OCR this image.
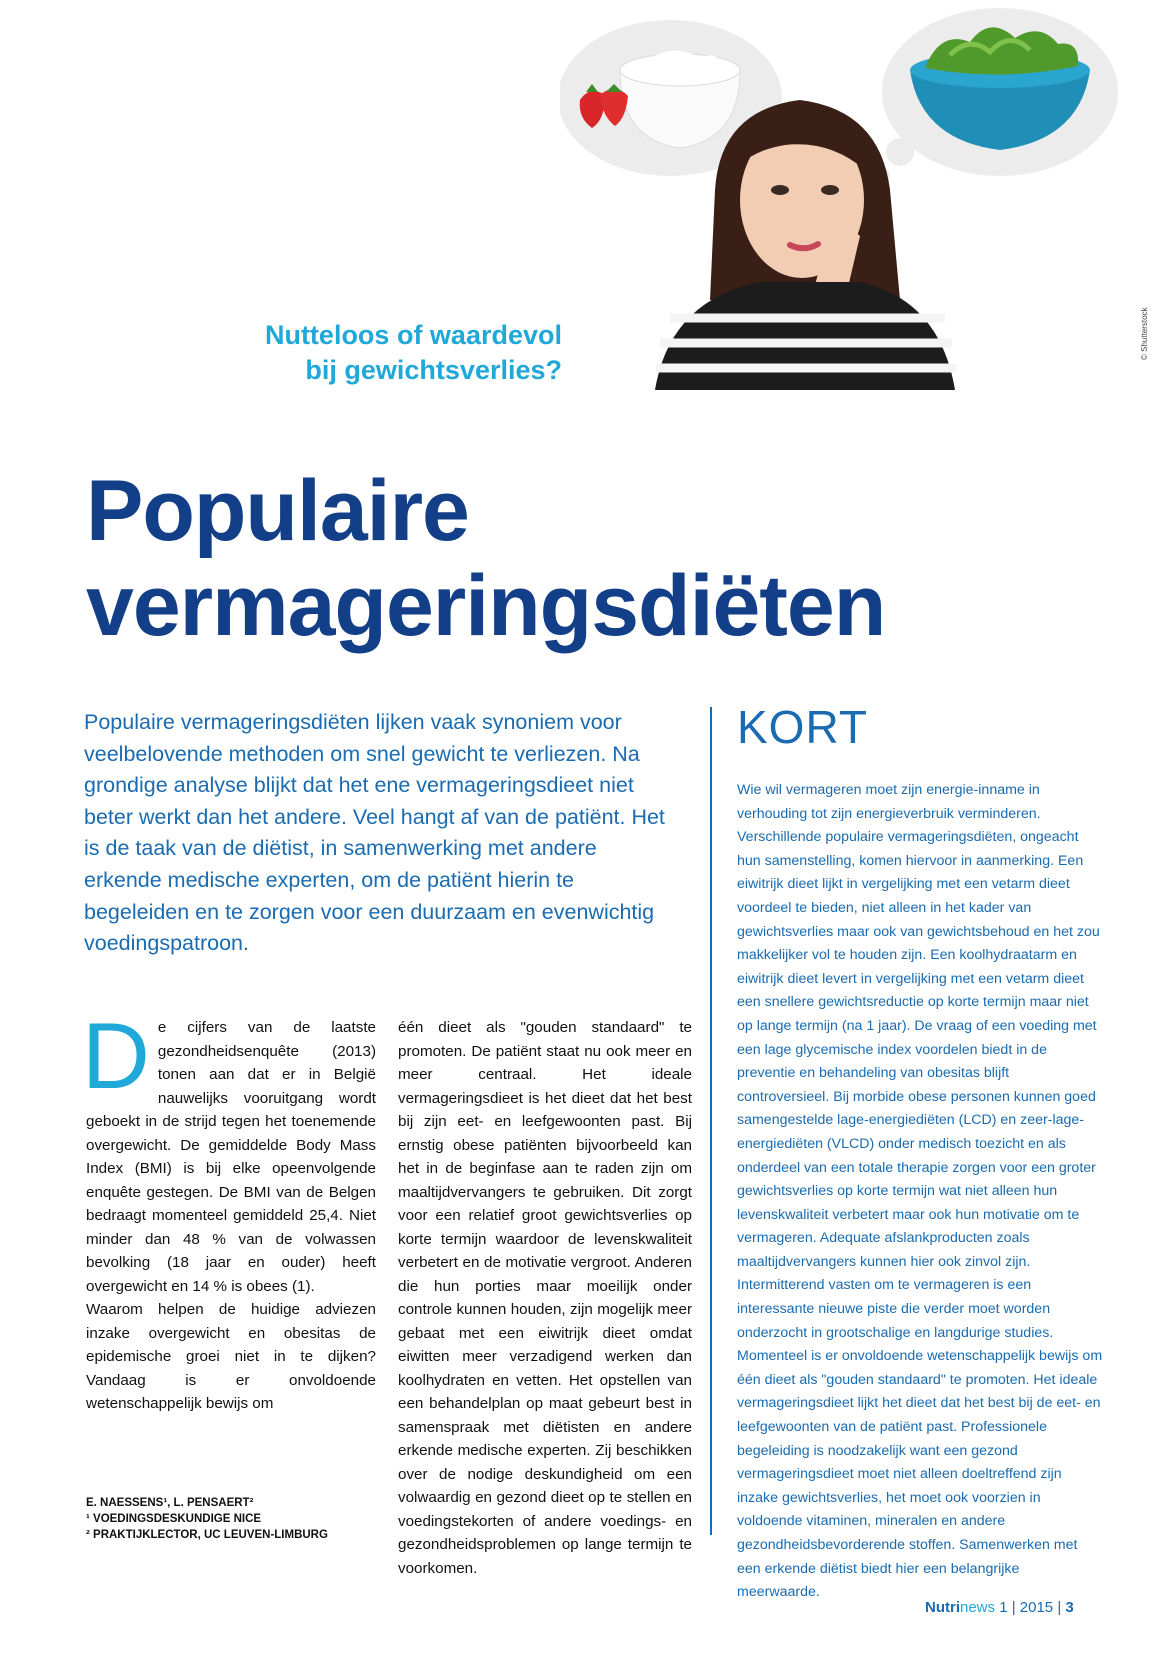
© Shutterstock
Nutteloos of waardevol
bij gewichtsverlies?
Populaire
vermageringsdiëten
Populaire vermageringsdiëten lijken vaak synoniem voor veelbelovende methoden om snel gewicht te verliezen. Na grondige analyse blijkt dat het ene vermageringsdieet niet beter werkt dan het andere. Veel hangt af van de patiënt. Het is de taak van de diëtist, in samenwerking met andere erkende medische experten, om de patiënt hierin te begeleiden en te zorgen voor een duurzaam en evenwichtig voedingspatroon.
D e cijfers van de laatste gezondheidsenquête (2013) tonen aan dat er in België nauwelijks vooruitgang wordt geboekt in de strijd tegen het toenemende overgewicht. De gemiddelde Body Mass Index (BMI) is bij elke opeenvolgende enquête gestegen. De BMI van de Belgen bedraagt momenteel gemiddeld 25,4. Niet minder dan 48 % van de volwassen bevolking (18 jaar en ouder) heeft overgewicht en 14 % is obees (1).

Waarom helpen de huidige adviezen inzake overgewicht en obesitas de epidemische groei niet in te dijken? Vandaag is er onvoldoende wetenschappelijk bewijs om

één dieet als "gouden standaard" te promoten. De patiënt staat nu ook meer en meer centraal. Het ideale vermageringsdieet is het dieet dat het best bij zijn eet- en leefgewoonten past. Bij ernstig obese patiënten bijvoorbeeld kan het in de beginfase aan te raden zijn om maaltijdvervangers te gebruiken. Dit zorgt voor een relatief groot gewichtsverlies op korte termijn waardoor de levenskwaliteit verbetert en de motivatie vergroot. Anderen die hun porties maar moeilijk onder controle kunnen houden, zijn mogelijk meer gebaat met een eiwitrijk dieet omdat eiwitten meer verzadigend werken dan koolhydraten en vetten. Het opstellen van een behandelplan op maat gebeurt best in samenspraak met diëtisten en andere erkende medische experten. Zij beschikken over de nodige deskundigheid om een volwaardig en gezond dieet op te stellen en voedingstekorten of andere voedings- en gezondheidsproblemen op lange termijn te voorkomen.

E. NAESSENS¹, L. PENSAERT²
¹ VOEDINGSDESKUNDIGE NICE
² PRAKTIJKLECTOR, UC LEUVEN-LIMBURG
KORT

Wie wil vermageren moet zijn energie-inname in verhouding tot zijn energieverbruik verminderen. Verschillende populaire vermageringsdiëten, ongeacht hun samenstelling, komen hiervoor in aanmerking. Een eiwitrijk dieet lijkt in vergelijking met een vetarm dieet voordeel te bieden, niet alleen in het kader van gewichtsverlies maar ook van gewichtsbehoud en het zou makkelijker vol te houden zijn. Een koolhydraatarm en eiwitrijk dieet levert in vergelijking met een vetarm dieet een snellere gewichtsreductie op korte termijn maar niet op lange termijn (na 1 jaar). De vraag of een voeding met een lage glycemische index voordelen biedt in de preventie en behandeling van obesitas blijft controversieel. Bij morbide obese personen kunnen goed samengestelde lage-energiediëten (LCD) en zeer-lage-energiediëten (VLCD) onder medisch toezicht en als onderdeel van een totale therapie zorgen voor een groter gewichtsverlies op korte termijn wat niet alleen hun levenskwaliteit verbetert maar ook hun motivatie om te vermageren. Adequate afslankproducten zoals maaltijdvervangers kunnen hier ook zinvol zijn. Intermitterend vasten om te vermageren is een interessante nieuwe piste die verder moet worden onderzocht in grootschalige en langdurige studies.

Momenteel is er onvoldoende wetenschappelijk bewijs om één dieet als "gouden standaard" te promoten. Het ideale vermageringsdieet lijkt het dieet dat het best bij de eet- en leefgewoonten van de patiënt past. Professionele begeleiding is noodzakelijk want een gezond vermageringsdieet moet niet alleen doeltreffend zijn inzake gewichtsverlies, het moet ook voorzien in voldoende vitaminen, mineralen en andere gezondheidsbevorderende stoffen. Samenwerken met een erkende diëtist biedt hier een belangrijke meerwaarde.

Nutrinews 1 | 2015 | 3
